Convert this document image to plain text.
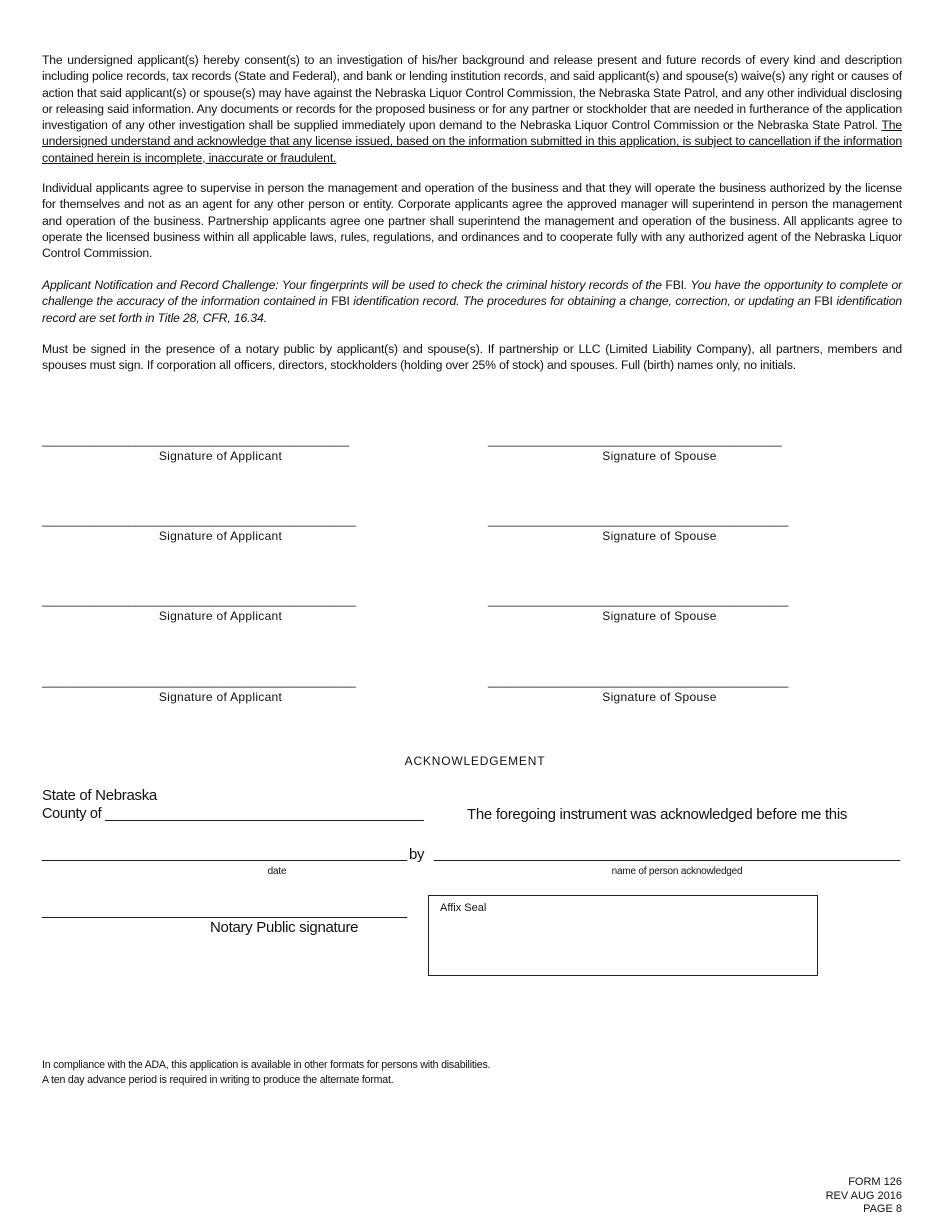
The undersigned applicant(s) hereby consent(s) to an investigation of his/her background and release present and future records of every kind and description including police records, tax records (State and Federal), and bank or lending institution records, and said applicant(s) and spouse(s) waive(s) any right or causes of action that said applicant(s) or spouse(s) may have against the Nebraska Liquor Control Commission, the Nebraska State Patrol, and any other individual disclosing or releasing said information. Any documents or records for the proposed business or for any partner or stockholder that are needed in furtherance of the application investigation of any other investigation shall be supplied immediately upon demand to the Nebraska Liquor Control Commission or the Nebraska State Patrol. The undersigned understand and acknowledge that any license issued, based on the information submitted in this application, is subject to cancellation if the information contained herein is incomplete, inaccurate or fraudulent.
Individual applicants agree to supervise in person the management and operation of the business and that they will operate the business authorized by the license for themselves and not as an agent for any other person or entity. Corporate applicants agree the approved manager will superintend in person the management and operation of the business. Partnership applicants agree one partner shall superintend the management and operation of the business. All applicants agree to operate the licensed business within all applicable laws, rules, regulations, and ordinances and to cooperate fully with any authorized agent of the Nebraska Liquor Control Commission.
Applicant Notification and Record Challenge: Your fingerprints will be used to check the criminal history records of the FBI. You have the opportunity to complete or challenge the accuracy of the information contained in FBI identification record. The procedures for obtaining a change, correction, or updating an FBI identification record are set forth in Title 28, CFR, 16.34.
Must be signed in the presence of a notary public by applicant(s) and spouse(s). If partnership or LLC (Limited Liability Company), all partners, members and spouses must sign. If corporation all officers, directors, stockholders (holding over 25% of stock) and spouses. Full (birth) names only, no initials.
______________________________________________
Signature of Applicant
____________________________________________
Signature of Spouse
_______________________________________________
Signature of Applicant
_____________________________________________
Signature of Spouse
_______________________________________________
Signature of Applicant
_____________________________________________
Signature of Spouse
_______________________________________________
Signature of Applicant
_____________________________________________
Signature of Spouse
ACKNOWLEDGEMENT
State of Nebraska
County of _________________________________________	The foregoing instrument was acknowledged before me this
_______________________________________________ by ____________________________________________________________
date	name of person acknowledged
_______________________________________________
Notary Public signature
Affix Seal
In compliance with the ADA, this application is available in other formats for persons with disabilities.
A ten day advance period is required in writing to produce the alternate format.
FORM 126
REV AUG 2016
PAGE 8
